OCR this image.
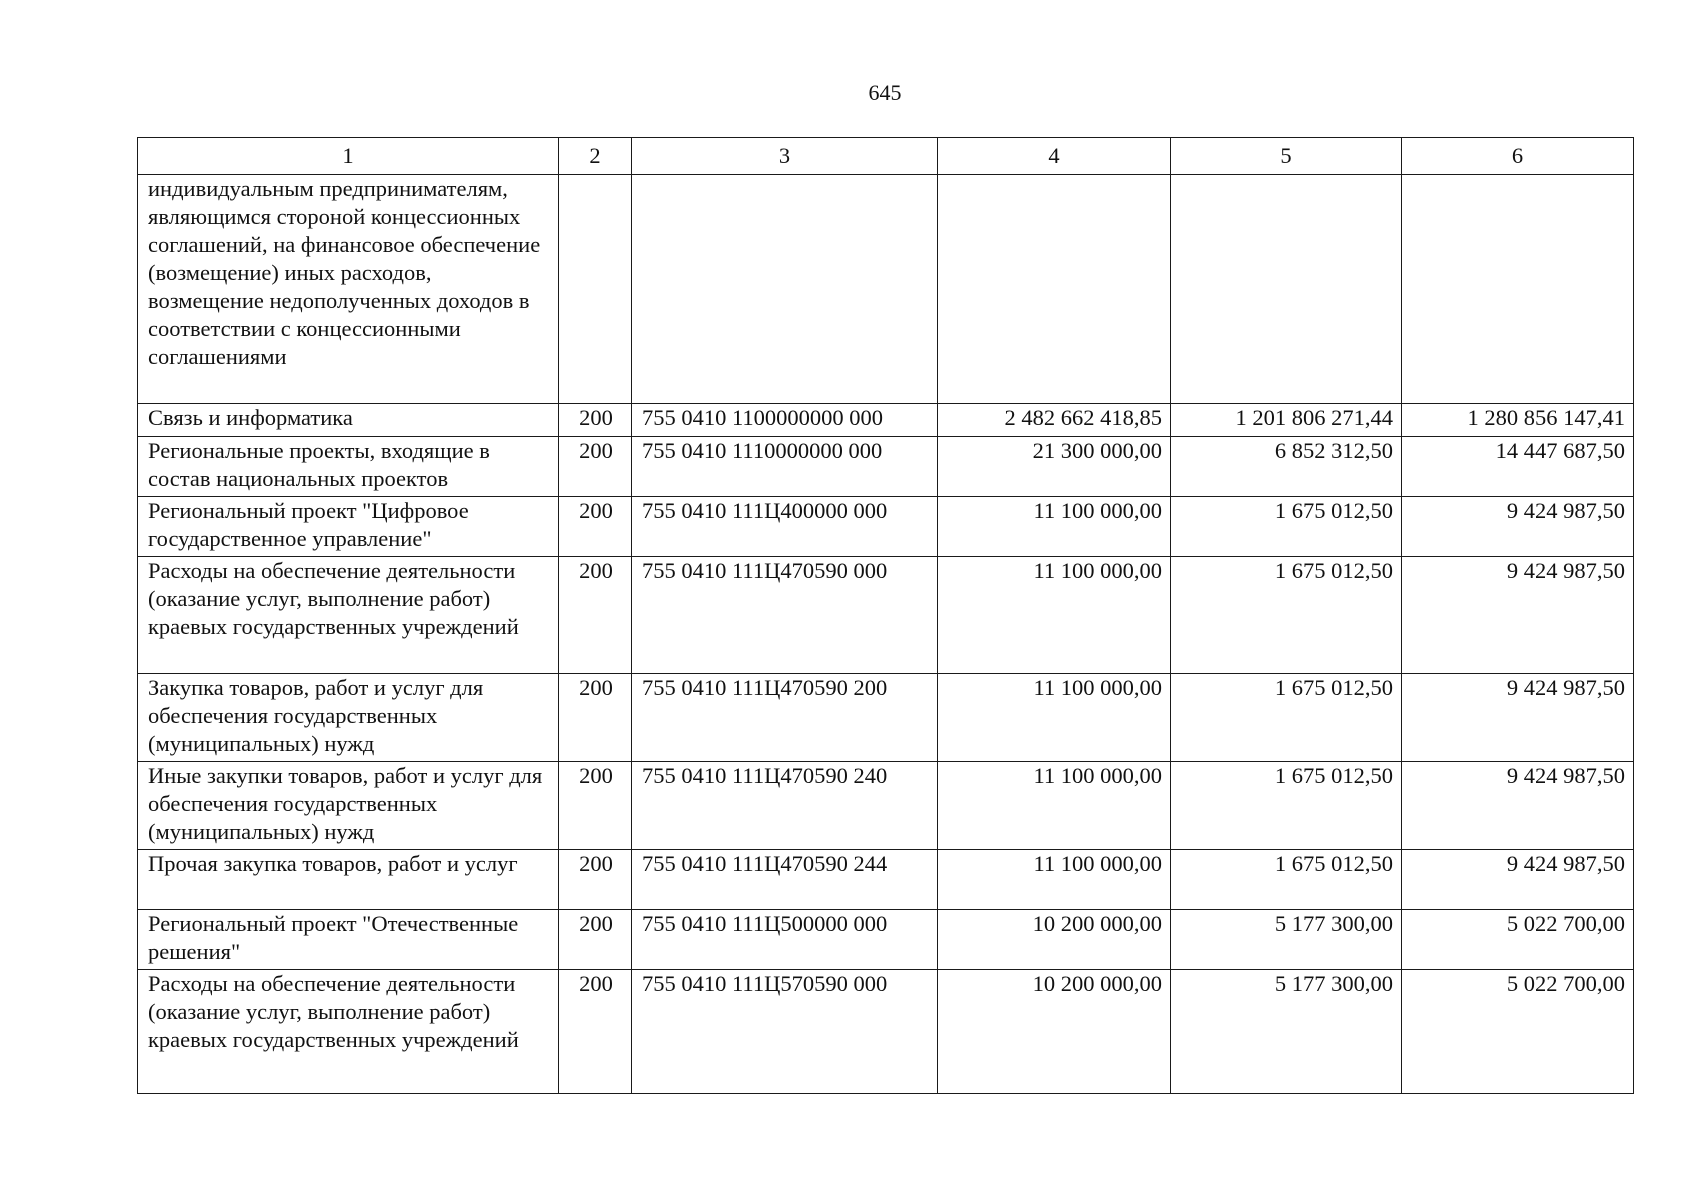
645
1	2	3	4	5	6
индивидуальным предпринимателям, являющимся стороной концессионных соглашений, на финансовое обеспечение (возмещение) иных расходов, возмещение недополученных доходов в соответствии с концессионными соглашениями					
Связь и информатика	200	755 0410 1100000000 000	2 482 662 418,85	1 201 806 271,44	1 280 856 147,41
Региональные проекты, входящие в состав национальных проектов	200	755 0410 1110000000 000	21 300 000,00	6 852 312,50	14 447 687,50
Региональный проект "Цифровое государственное управление"	200	755 0410 111Ц400000 000	11 100 000,00	1 675 012,50	9 424 987,50
Расходы на обеспечение деятельности (оказание услуг, выполнение работ) краевых государственных учреждений	200	755 0410 111Ц470590 000	11 100 000,00	1 675 012,50	9 424 987,50
Закупка товаров, работ и услуг для обеспечения государственных (муниципальных) нужд	200	755 0410 111Ц470590 200	11 100 000,00	1 675 012,50	9 424 987,50
Иные закупки товаров, работ и услуг для обеспечения государственных (муниципальных) нужд	200	755 0410 111Ц470590 240	11 100 000,00	1 675 012,50	9 424 987,50
Прочая закупка товаров, работ и услуг	200	755 0410 111Ц470590 244	11 100 000,00	1 675 012,50	9 424 987,50
Региональный проект "Отечественные решения"	200	755 0410 111Ц500000 000	10 200 000,00	5 177 300,00	5 022 700,00
Расходы на обеспечение деятельности (оказание услуг, выполнение работ) краевых государственных учреждений	200	755 0410 111Ц570590 000	10 200 000,00	5 177 300,00	5 022 700,00
